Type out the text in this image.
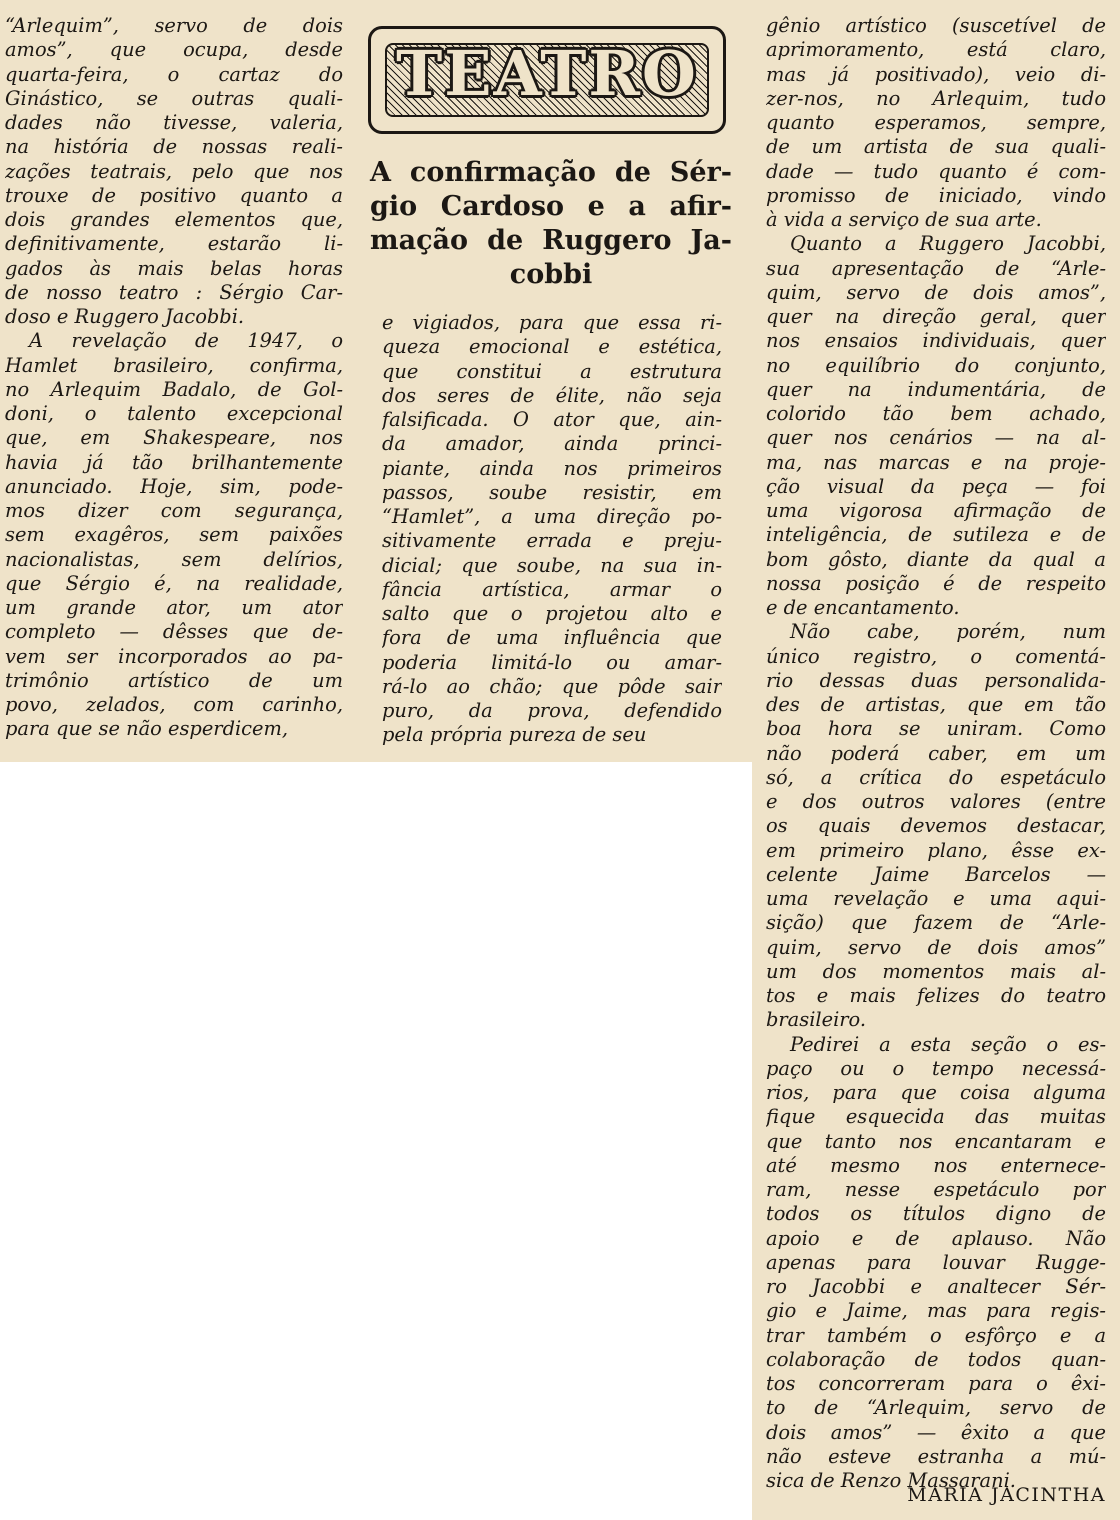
TEATRO
A confirmação de Sér-
gio Cardoso e a afir-
mação de Ruggero Ja-
cobbi
“Arlequim”, servo de dois
amos”, que ocupa, desde
quarta-feira, o cartaz do
Ginástico, se outras quali-
dades não tivesse, valeria,
na história de nossas reali-
zações teatrais, pelo que nos
trouxe de positivo quanto a
dois grandes elementos que,
definitivamente, estarão li-
gados às mais belas horas
de nosso teatro : Sérgio Car-
doso e Ruggero Jacobbi.
A revelação de 1947, o
Hamlet brasileiro, confirma,
no Arlequim Badalo, de Gol-
doni, o talento excepcional
que, em Shakespeare, nos
havia já tão brilhantemente
anunciado. Hoje, sim, pode-
mos dizer com segurança,
sem exagêros, sem paixões
nacionalistas, sem delírios,
que Sérgio é, na realidade,
um grande ator, um ator
completo — dêsses que de-
vem ser incorporados ao pa-
trimônio artístico de um
povo, zelados, com carinho,
para que se não esperdicem,
e vigiados, para que essa ri-
queza emocional e estética,
que constitui a estrutura
dos seres de élite, não seja
falsificada. O ator que, ain-
da amador, ainda princi-
piante, ainda nos primeiros
passos, soube resistir, em
“Hamlet”, a uma direção po-
sitivamente errada e preju-
dicial; que soube, na sua in-
fância artística, armar o
salto que o projetou alto e
fora de uma influência que
poderia limitá-lo ou amar-
rá-lo ao chão; que pôde sair
puro, da prova, defendido
pela própria pureza de seu
gênio artístico (suscetível de
aprimoramento, está claro,
mas já positivado), veio di-
zer-nos, no Arlequim, tudo
quanto esperamos, sempre,
de um artista de sua quali-
dade — tudo quanto é com-
promisso de iniciado, vindo
à vida a serviço de sua arte.
Quanto a Ruggero Jacobbi,
sua apresentação de “Arle-
quim, servo de dois amos”,
quer na direção geral, quer
nos ensaios individuais, quer
no equilíbrio do conjunto,
quer na indumentária, de
colorido tão bem achado,
quer nos cenários — na al-
ma, nas marcas e na proje-
ção visual da peça — foi
uma vigorosa afirmação de
inteligência, de sutileza e de
bom gôsto, diante da qual a
nossa posição é de respeito
e de encantamento.
Não cabe, porém, num
único registro, o comentá-
rio dessas duas personalida-
des de artistas, que em tão
boa hora se uniram. Como
não poderá caber, em um
só, a crítica do espetáculo
e dos outros valores (entre
os quais devemos destacar,
em primeiro plano, êsse ex-
celente Jaime Barcelos —
uma revelação e uma aqui-
sição) que fazem de “Arle-
quim, servo de dois amos”
um dos momentos mais al-
tos e mais felizes do teatro
brasileiro.
Pedirei a esta seção o es-
paço ou o tempo necessá-
rios, para que coisa alguma
fique esquecida das muitas
que tanto nos encantaram e
até mesmo nos enternece-
ram, nesse espetáculo por
todos os títulos digno de
apoio e de aplauso. Não
apenas para louvar Rugge-
ro Jacobbi e analtecer Sér-
gio e Jaime, mas para regis-
trar também o esfôrço e a
colaboração de todos quan-
tos concorreram para o êxi-
to de “Arlequim, servo de
dois amos” — êxito a que
não esteve estranha a mú-
sica de Renzo Massarani.
MARIA JACINTHA
